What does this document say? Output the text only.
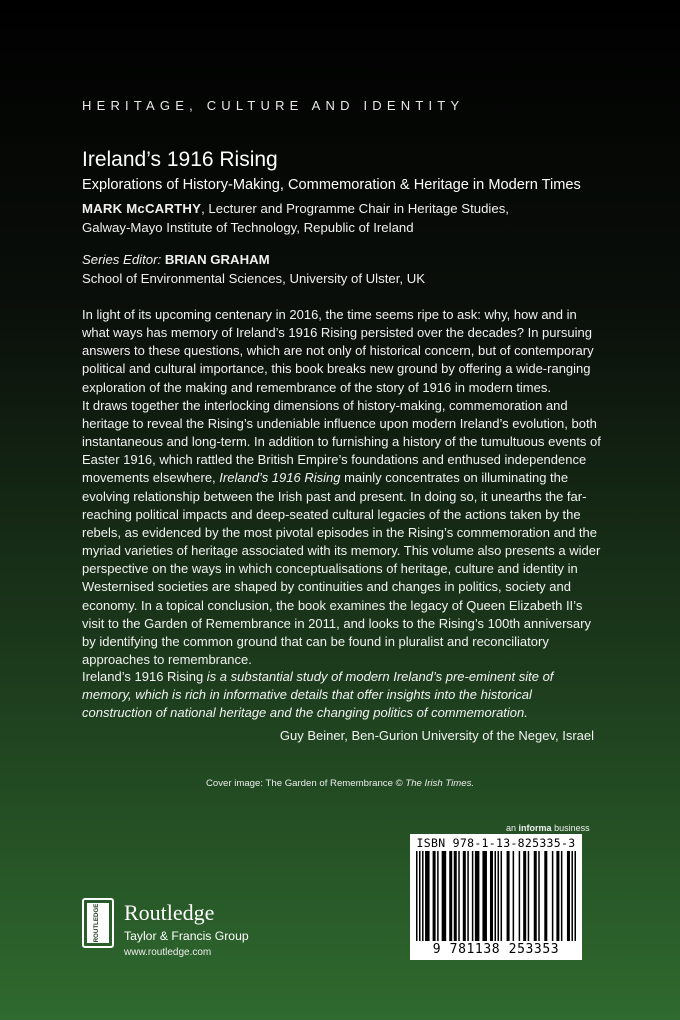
HERITAGE, CULTURE AND IDENTITY
Ireland’s 1916 Rising
Explorations of History-Making, Commemoration & Heritage in Modern Times
MARK McCARTHY, Lecturer and Programme Chair in Heritage Studies,
Galway-Mayo Institute of Technology, Republic of Ireland
Series Editor: BRIAN GRAHAM
School of Environmental Sciences, University of Ulster, UK

In light of its upcoming centenary in 2016, the time seems ripe to ask: why, how and in what ways has memory of Ireland’s 1916 Rising persisted over the decades? In pursuing answers to these questions, which are not only of historical concern, but of contemporary political and cultural importance, this book breaks new ground by offering a wide-ranging exploration of the making and remembrance of the story of 1916 in modern times.

It draws together the interlocking dimensions of history-making, commemoration and heritage to reveal the Rising’s undeniable influence upon modern Ireland’s evolution, both instantaneous and long-term. In addition to furnishing a history of the tumultuous events of Easter 1916, which rattled the British Empire’s foundations and enthused independence movements elsewhere, Ireland’s 1916 Rising mainly concentrates on illuminating the evolving relationship between the Irish past and present. In doing so, it unearths the far-reaching political impacts and deep-seated cultural legacies of the actions taken by the rebels, as evidenced by the most pivotal episodes in the Rising’s commemoration and the myriad varieties of heritage associated with its memory. This volume also presents a wider perspective on the ways in which conceptualisations of heritage, culture and identity in Westernised societies are shaped by continuities and changes in politics, society and economy. In a topical conclusion, the book examines the legacy of Queen Elizabeth II’s visit to the Garden of Remembrance in 2011, and looks to the Rising’s 100th anniversary by identifying the common ground that can be found in pluralist and reconciliatory approaches to remembrance.

Ireland’s 1916 Rising is a substantial study of modern Ireland’s pre-eminent site of memory, which is rich in informative details that offer insights into the historical construction of national heritage and the changing politics of commemoration.
Guy Beiner, Ben-Gurion University of the Negev, Israel
Cover image: The Garden of Remembrance © The Irish Times.
an informa business
ISBN 978-1-13-825335-3
9 781138 253353
ROUTLEDGE Routledge
Taylor & Francis Group
www.routledge.com
